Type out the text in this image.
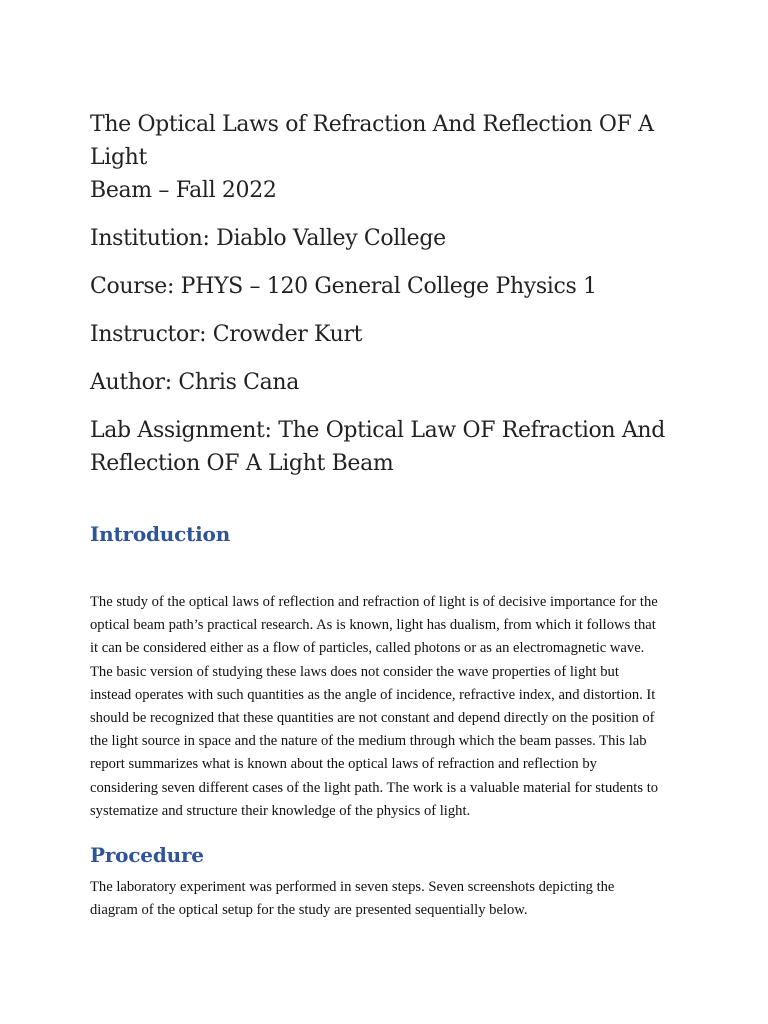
The Optical Laws of Refraction And Reflection OF A Light
Beam – Fall 2022

Institution: Diablo Valley College

Course: PHYS – 120 General College Physics 1

Instructor: Crowder Kurt

Author: Chris Cana

Lab Assignment: The Optical Law OF Refraction And
Reflection OF A Light Beam

Introduction

The study of the optical laws of reflection and refraction of light is of decisive importance for the
optical beam path’s practical research. As is known, light has dualism, from which it follows that
it can be considered either as a flow of particles, called photons or as an electromagnetic wave.
The basic version of studying these laws does not consider the wave properties of light but
instead operates with such quantities as the angle of incidence, refractive index, and distortion. It
should be recognized that these quantities are not constant and depend directly on the position of
the light source in space and the nature of the medium through which the beam passes. This lab
report summarizes what is known about the optical laws of refraction and reflection by
considering seven different cases of the light path. The work is a valuable material for students to
systematize and structure their knowledge of the physics of light.

Procedure

The laboratory experiment was performed in seven steps. Seven screenshots depicting the
diagram of the optical setup for the study are presented sequentially below.
